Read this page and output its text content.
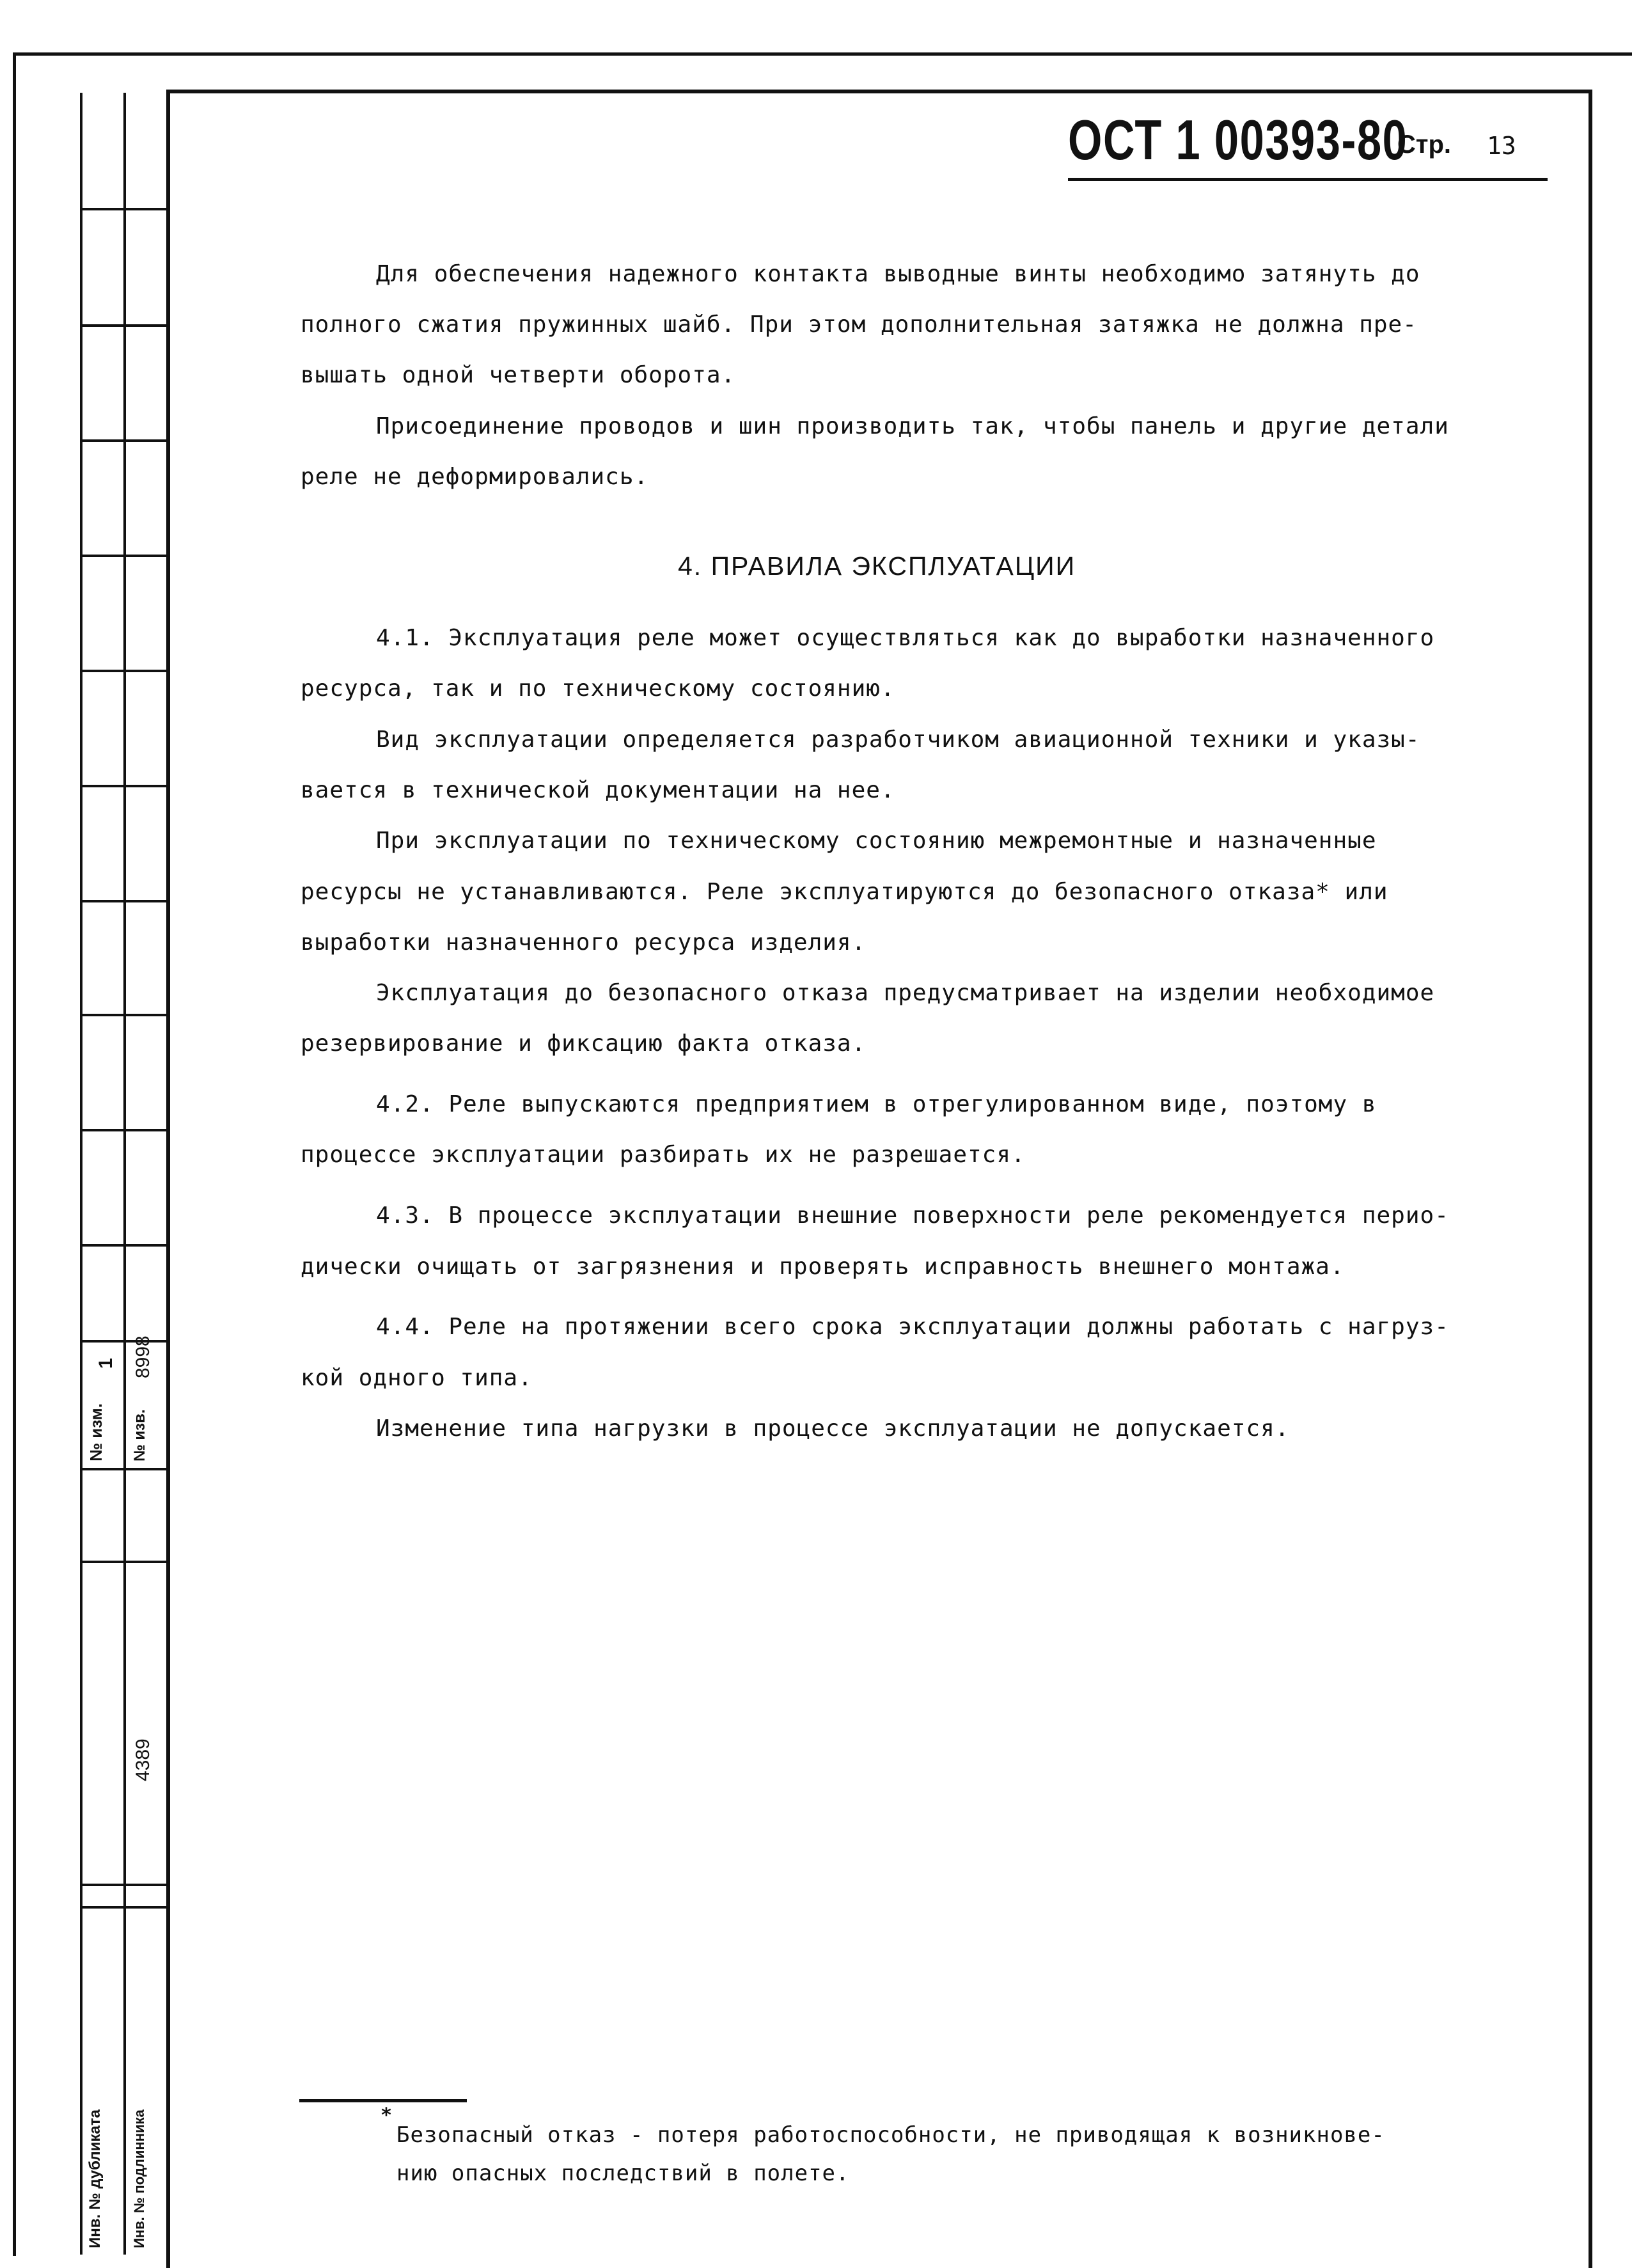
№ изм.
1
№ изв.
8998
Инв. № дубликата Инв. № подлинника
4389
ОСТ 1 00393-80
Стр. 13
Для обеспечения надежного контакта выводные винты необходимо затянуть до
полного сжатия пружинных шайб. При этом дополнительная затяжка не должна пре-
вышать одной четверти оборота.
Присоединение проводов и шин производить так, чтобы панель и другие детали
реле не деформировались.
4. ПРАВИЛА ЭКСПЛУАТАЦИИ
4.1. Эксплуатация реле может осуществляться как до выработки назначенного
ресурса, так и по техническому состоянию.
Вид эксплуатации определяется разработчиком авиационной техники и указы-
вается в технической документации на нее.
При эксплуатации по техническому состоянию межремонтные и назначенные
ресурсы не устанавливаются. Реле эксплуатируются до безопасного отказа* или
выработки назначенного ресурса изделия.
Эксплуатация до безопасного отказа предусматривает на изделии необходимое
резервирование и фиксацию факта отказа.
4.2. Реле выпускаются предприятием в отрегулированном виде, поэтому в
процессе эксплуатации разбирать их не разрешается.
4.3. В процессе эксплуатации внешние поверхности реле рекомендуется перио-
дически очищать от загрязнения и проверять исправность внешнего монтажа.
4.4. Реле на протяжении всего срока эксплуатации должны работать с нагруз-
кой одного типа.
Изменение типа нагрузки в процессе эксплуатации не допускается.
*
Безопасный отказ - потеря работоспособности, не приводящая к возникнове-
нию опасных последствий в полете.
